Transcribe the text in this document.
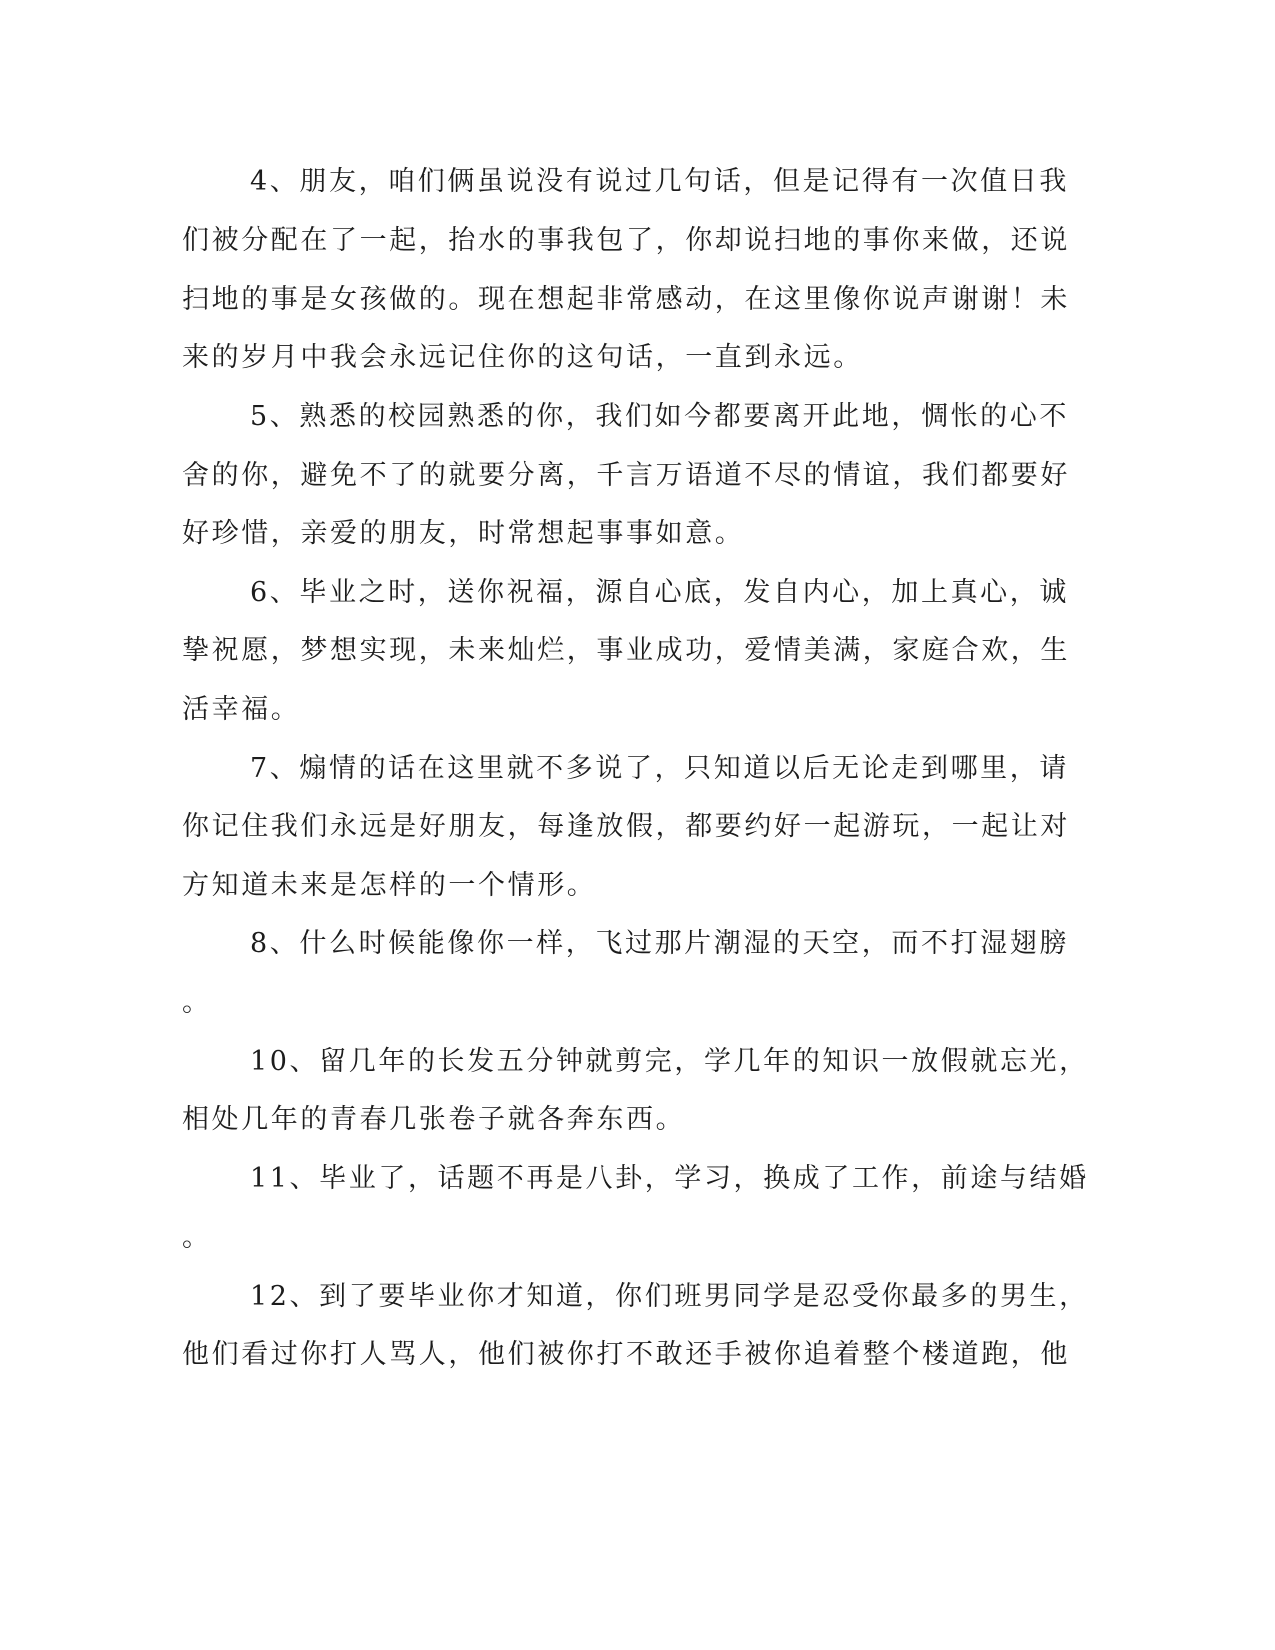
4、朋友，咱们俩虽说没有说过几句话，但是记得有一次值日我
们被分配在了一起，抬水的事我包了，你却说扫地的事你来做，还说
扫地的事是女孩做的。现在想起非常感动，在这里像你说声谢谢！未
来的岁月中我会永远记住你的这句话，一直到永远。
5、熟悉的校园熟悉的你，我们如今都要离开此地，惆怅的心不
舍的你，避免不了的就要分离，千言万语道不尽的情谊，我们都要好
好珍惜，亲爱的朋友，时常想起事事如意。
6、毕业之时，送你祝福，源自心底，发自内心，加上真心，诚
挚祝愿，梦想实现，未来灿烂，事业成功，爱情美满，家庭合欢，生
活幸福。
7、煽情的话在这里就不多说了，只知道以后无论走到哪里，请
你记住我们永远是好朋友，每逢放假，都要约好一起游玩，一起让对
方知道未来是怎样的一个情形。
8、什么时候能像你一样，飞过那片潮湿的天空，而不打湿翅膀
。
10、留几年的长发五分钟就剪完，学几年的知识一放假就忘光，
相处几年的青春几张卷子就各奔东西。
11、毕业了，话题不再是八卦，学习，换成了工作，前途与结婚
。
12、到了要毕业你才知道，你们班男同学是忍受你最多的男生，
他们看过你打人骂人，他们被你打不敢还手被你追着整个楼道跑，他
